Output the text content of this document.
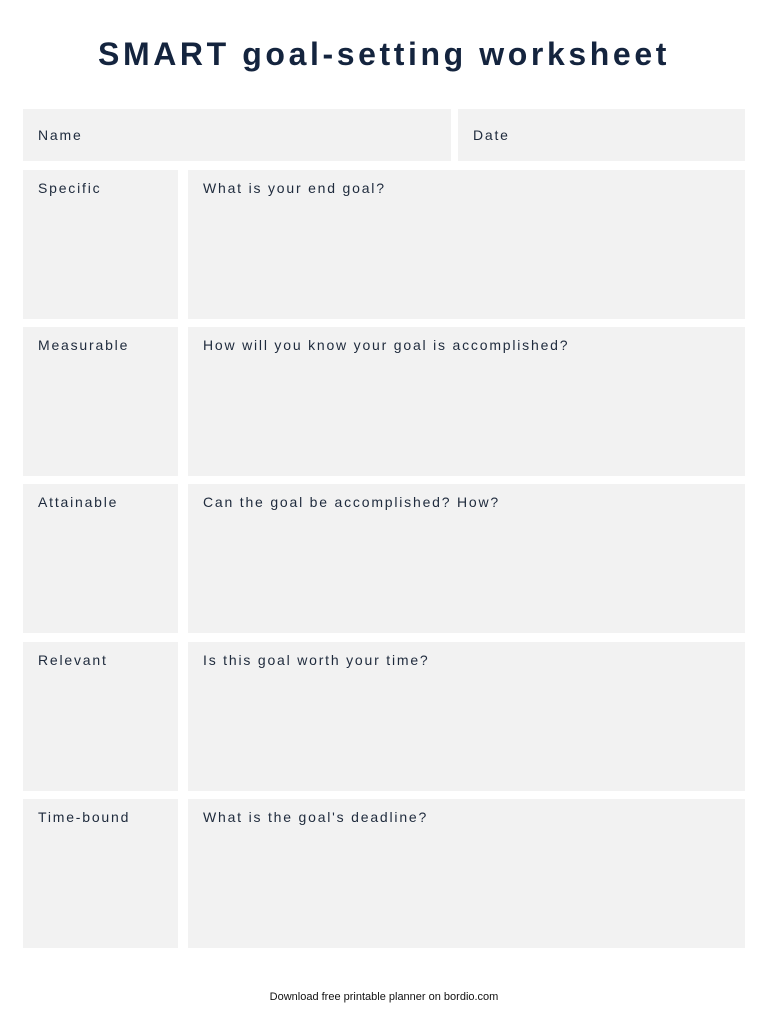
SMART goal-setting worksheet
Name	Date
Specific	What is your end goal?
Measurable	How will you know your goal is accomplished?
Attainable	Can the goal be accomplished? How?
Relevant	Is this goal worth your time?
Time-bound	What is the goal's deadline?
Download free printable planner on bordio.com
